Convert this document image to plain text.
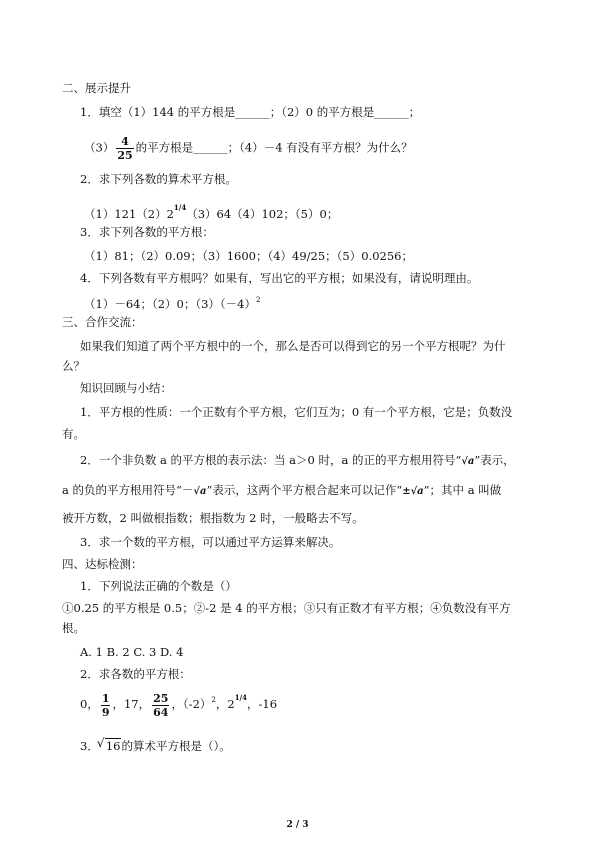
二、展示提升
1．填空（1）144 的平方根是______；（2）0 的平方根是______；
$(3) \frac{4}{25}$ 的平方根是______；（4）－4 有没有平方根？为什么？
2．求下列各数的算术平方根。
$(1)121(2)2^{1/4}(3)64(4)102$；（5）0；
3．求下列各数的平方根：
（1）81；（2）0.09；（3）1600；（4）49/25；（5）0.0256；
4．下列各数有平方根吗？如果有，写出它的平方根；如果没有，请说明理由。
（1）－64；（2）0；$(3)(-4)^2$
三、合作交流：
如果我们知道了两个平方根中的一个，那么是否可以得到它的另一个平方根呢？为什
么？
知识回顾与小结：
1．平方根的性质：一个正数有个平方根，它们互为；0 有一个平方根，它是；负数没
有。
2．一个非负数 a 的平方根的表示法：当 a＞0 时，a 的正的平方根用符号“√a”表示，
a 的负的平方根用符号“－√a”表示，这两个平方根合起来可以记作“±√a”；其中 a 叫做
被开方数，2 叫做根指数；根指数为 2 时，一般略去不写。
3．求一个数的平方根，可以通过平方运算来解决。
四、达标检测：
1．下列说法正确的个数是（）
①0.25 的平方根是 0.5；②-2 是 4 的平方根；③只有正数才有平方根；④负数没有平方
根。
A. 1 B. 2 C. 3 D. 4
2．求各数的平方根：
0， $\frac{1}{9}$ ，17， $\frac{25}{64}$ ，$(-2)^2$，$2^{1/4}$，-16
3．√ 16的算术平方根是（）。
2 / 3
